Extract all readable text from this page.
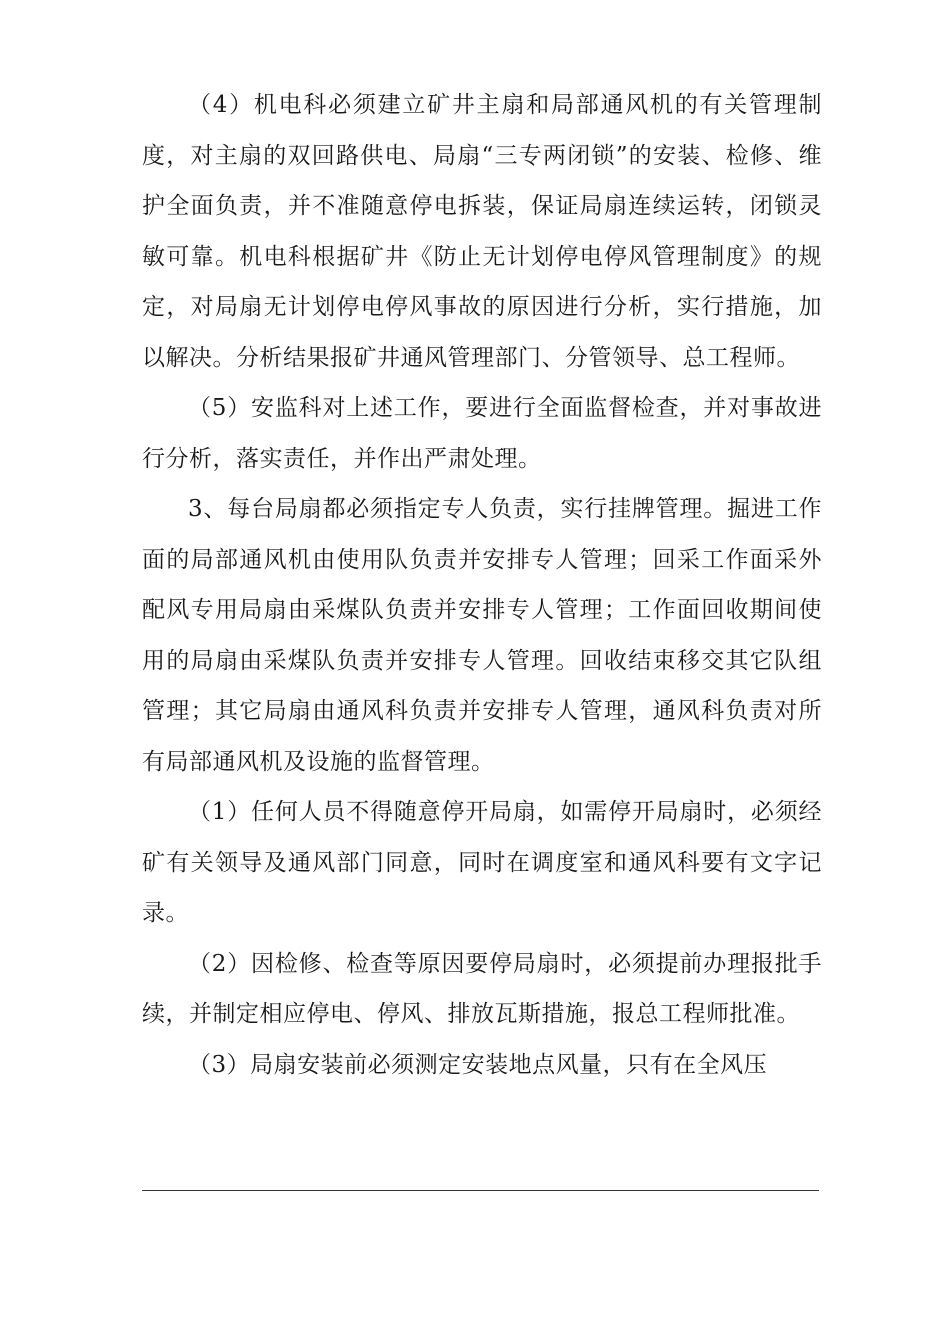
（4）机电科必须建立矿井主扇和局部通风机的有关管理制度，对主扇的双回路供电、局扇“三专两闭锁”的安装、检修、维护全面负责，并不准随意停电拆装，保证局扇连续运转，闭锁灵敏可靠。机电科根据矿井《防止无计划停电停风管理制度》的规定，对局扇无计划停电停风事故的原因进行分析，实行措施，加以解决。分析结果报矿井通风管理部门、分管领导、总工程师。

（5）安监科对上述工作，要进行全面监督检查，并对事故进行分析，落实责任，并作出严肃处理。

3、每台局扇都必须指定专人负责，实行挂牌管理。掘进工作面的局部通风机由使用队负责并安排专人管理；回采工作面采外配风专用局扇由采煤队负责并安排专人管理；工作面回收期间使用的局扇由采煤队负责并安排专人管理。回收结束移交其它队组管理；其它局扇由通风科负责并安排专人管理，通风科负责对所有局部通风机及设施的监督管理。

（1）任何人员不得随意停开局扇，如需停开局扇时，必须经矿有关领导及通风部门同意，同时在调度室和通风科要有文字记录。

（2）因检修、检查等原因要停局扇时，必须提前办理报批手续，并制定相应停电、停风、排放瓦斯措施，报总工程师批准。

（3）局扇安装前必须测定安装地点风量，只有在全风压
